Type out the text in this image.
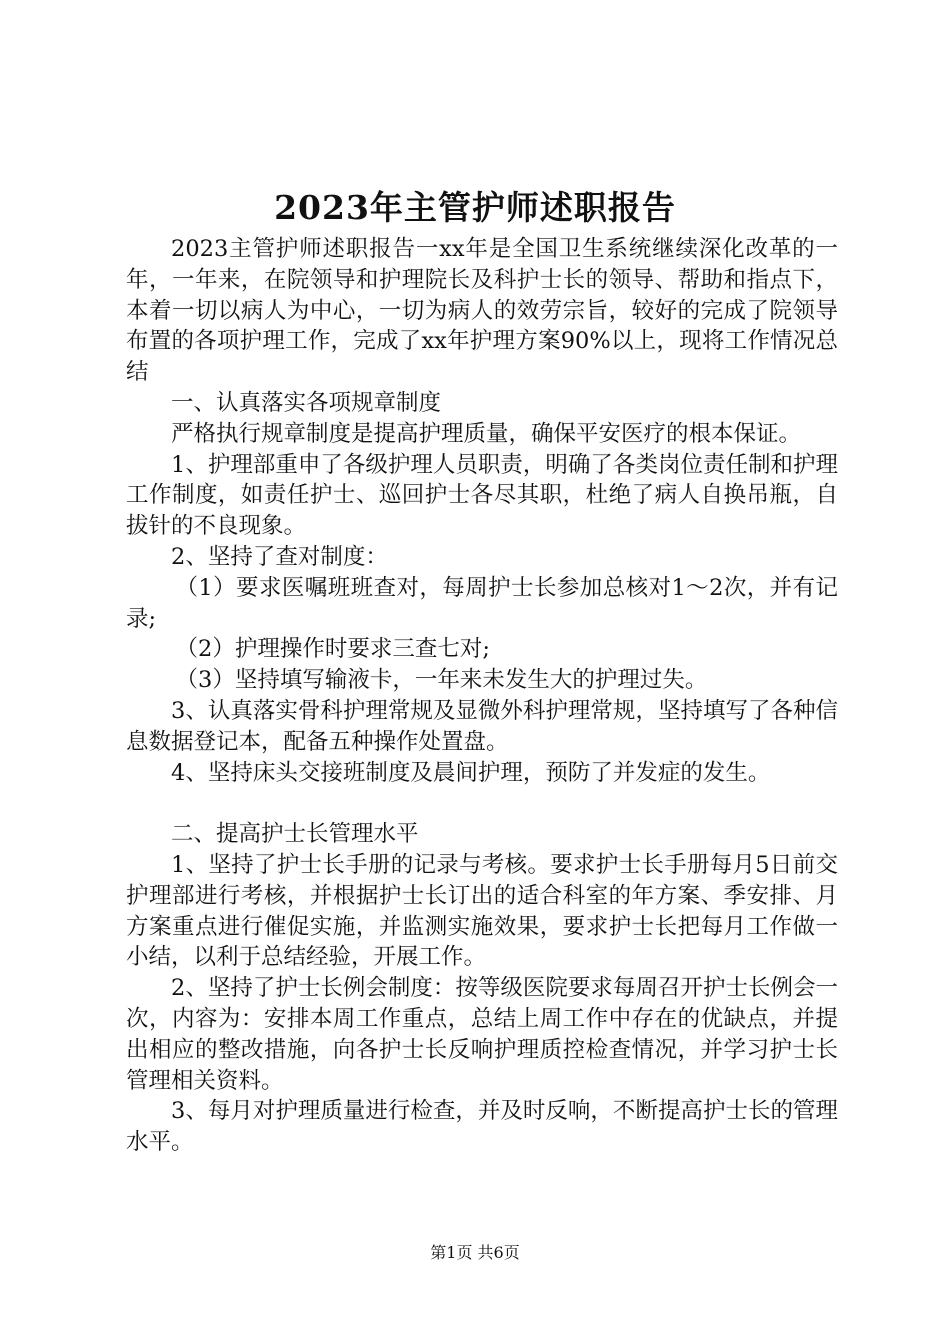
2023年主管护师述职报告

2023主管护师述职报告一xx年是全国卫生系统继续深化改革的一年，一年来，在院领导和护理院长及科护士长的领导、帮助和指点下，本着一切以病人为中心，一切为病人的效劳宗旨，较好的完成了院领导布置的各项护理工作，完成了xx年护理方案90%以上，现将工作情况总结

一、认真落实各项规章制度

严格执行规章制度是提高护理质量，确保平安医疗的根本保证。

1、护理部重申了各级护理人员职责，明确了各类岗位责任制和护理工作制度，如责任护士、巡回护士各尽其职，杜绝了病人自换吊瓶，自拔针的不良现象。

2、坚持了查对制度：

（1）要求医嘱班班查对，每周护士长参加总核对1～2次，并有记录;

（2）护理操作时要求三查七对;

（3）坚持填写输液卡，一年来未发生大的护理过失。

3、认真落实骨科护理常规及显微外科护理常规，坚持填写了各种信息数据登记本，配备五种操作处置盘。

4、坚持床头交接班制度及晨间护理，预防了并发症的发生。

二、提高护士长管理水平

1、坚持了护士长手册的记录与考核。要求护士长手册每月5日前交护理部进行考核，并根据护士长订出的适合科室的年方案、季安排、月方案重点进行催促实施，并监测实施效果，要求护士长把每月工作做一小结，以利于总结经验，开展工作。

2、坚持了护士长例会制度：按等级医院要求每周召开护士长例会一次，内容为：安排本周工作重点，总结上周工作中存在的优缺点，并提出相应的整改措施，向各护士长反响护理质控检查情况，并学习护士长管理相关资料。

3、每月对护理质量进行检查，并及时反响，不断提高护士长的管理水平。

第1页 共6页
